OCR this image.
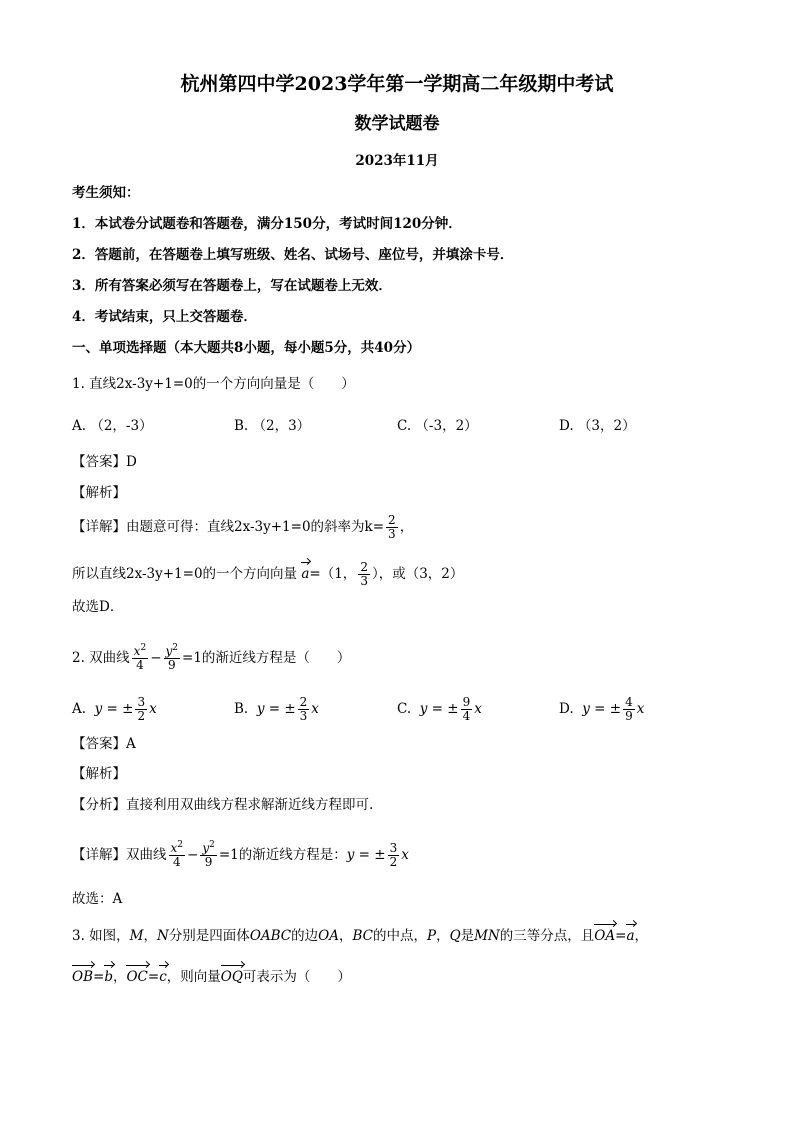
杭州第四中学2023学年第一学期高二年级期中考试
数学试题卷
2023年11月
考生须知：
1．本试卷分试题卷和答题卷，满分150分，考试时间120分钟．
2．答题前，在答题卷上填写班级、姓名、试场号、座位号，并填涂卡号．
3．所有答案必须写在答题卷上，写在试题卷上无效．
4．考试结束，只上交答题卷．
一、单项选择题（本大题共8小题，每小题5分，共40分）
1. 直线2x-3y+1=0的一个方向向量是（　　）
A. （2，-3）	B. （2，3）	C. （-3，2）	D. （3，2）
【答案】D
【解析】
【详解】由题意可得：直线2x-3y+1=0的斜率为$k= \frac{2}{3}$ ，
所以直线2x-3y+1=0的一个方向向量 a=（1， $\frac{2}{3}$ ），或（3，2）
故选D．
2. 双曲线 $\frac{x^2}{4} - \frac{y^2}{9} =1$的渐近线方程是（　　）
A. y = ± $\frac{3}{2}$ x	B. y = ± $\frac{2}{3}$ x	C. y = ± $\frac{9}{4}$ x	D. y = ± $\frac{4}{9}$ x
【答案】A
【解析】
【分析】直接利用双曲线方程求解渐近线方程即可.
【详解】双曲线 $\frac{x^2}{4} - \frac{y^2}{9} =1$的渐近线方程是：y = ± $\frac{3}{2}$ x
故选：A
3. 如图，M，N分别是四面体OABC的边OA，BC的中点，P，Q是MN的三等分点，且OA=a，
OB=b，OC=c，则向量OQ可表示为（　　）
